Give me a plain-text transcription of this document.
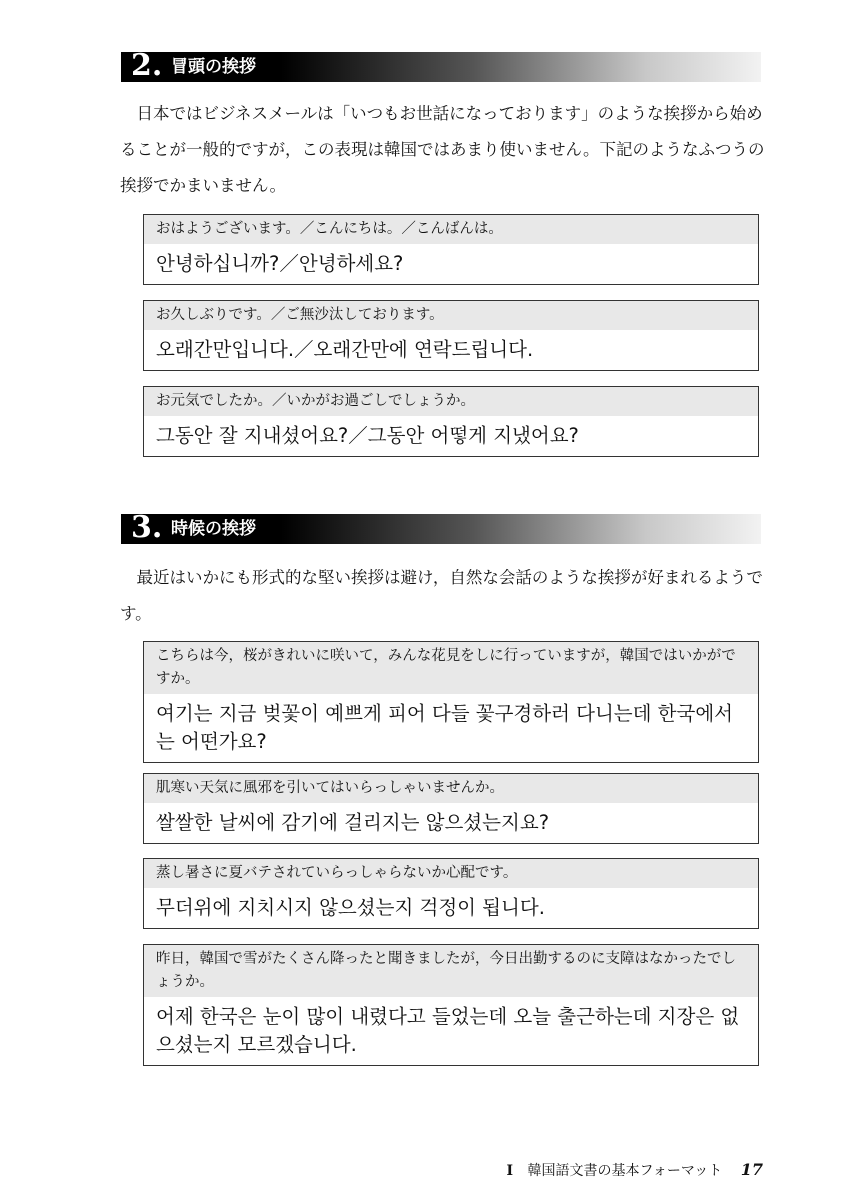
2. 冒頭の挨拶

日本ではビジネスメールは「いつもお世話になっております」のような挨拶から始めることが一般的ですが，この表現は韓国ではあまり使いません。下記のようなふつうの挨拶でかまいません。

おはようございます。／こんにちは。／こんばんは。
안녕하십니까?／안녕하세요?
お久しぶりです。／ご無沙汰しております。
오래간만입니다.／오래간만에 연락드립니다.
お元気でしたか。／いかがお過ごしでしょうか。
그동안 잘 지내셨어요?／그동안 어떻게 지냈어요?
3. 時候の挨拶

最近はいかにも形式的な堅い挨拶は避け，自然な会話のような挨拶が好まれるようです。

こちらは今，桜がきれいに咲いて，みんな花見をしに行っていますが，韓国ではいかがですか。
여기는 지금 벚꽃이 예쁘게 피어 다들 꽃구경하러 다니는데 한국에서는 어떤가요?
肌寒い天気に風邪を引いてはいらっしゃいませんか。
쌀쌀한 날씨에 감기에 걸리지는 않으셨는지요?
蒸し暑さに夏バテされていらっしゃらないか心配です。
무더위에 지치시지 않으셨는지 걱정이 됩니다.
昨日，韓国で雪がたくさん降ったと聞きましたが，今日出勤するのに支障はなかったでしょうか。
어제 한국은 눈이 많이 내렸다고 들었는데 오늘 출근하는데 지장은 없으셨는지 모르겠습니다.
I 韓国語文書の基本フォーマット 17
